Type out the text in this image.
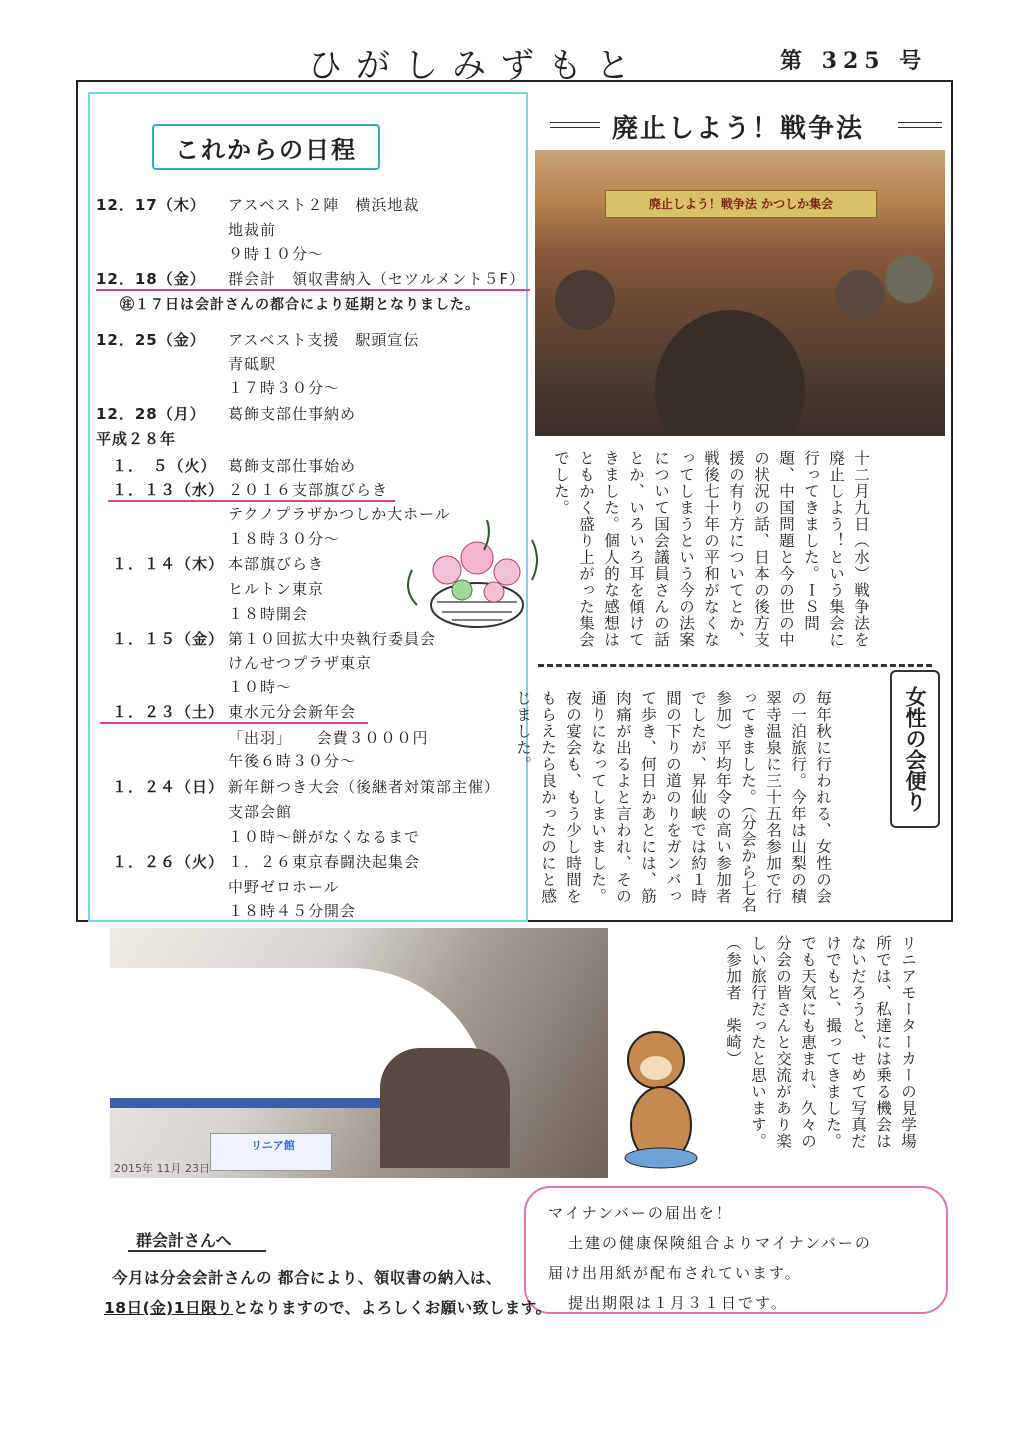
ひがしみずもと	第 325 号
これからの日程
12．17（木） アスベスト２陣　横浜地裁
地裁前
９時１０分～
12．18（金） 群会計　領収書納入（セツルメント５F）
㊟１７日は会計さんの都合により延期となりました。
12．25（金） アスベスト支援　駅頭宣伝
青砥駅
１７時３０分～
12．28（月） 葛飾支部仕事納め
平成２８年
　１．　５（火） 葛飾支部仕事始め
　１．１３（水） ２０１６支部旗びらき
テクノプラザかつしか大ホール
１８時３０分～
　１．１４（木） 本部旗びらき
ヒルトン東京
１８時開会
　１．１５（金） 第１０回拡大中央執行委員会
けんせつプラザ東京
１０時～
　１．２３（土） 東水元分会新年会
「出羽」　　会費３０００円
午後６時３０分～
　１．２４（日） 新年餅つき大会（後継者対策部主催）
支部会館
１０時～餅がなくなるまで
　１．２６（火） １．２６東京春闘決起集会
中野ゼロホール
１８時４５分開会
廃止しよう！戦争法
廃止しよう！戦争法 かつしか集会
十二月九日（水）戦争法を廃止しよう！という集会に行ってきました。ＩＳ問題、中国問題と今の世の中の状況の話、日本の後方支援の有り方についてとか、戦後七十年の平和がなくなってしまうという今の法案について国会議員さんの話とか、いろいろ耳を傾けてきました。個人的な感想はともかく盛り上がった集会でした。
女性の会便り
毎年秋に行われる、女性の会の一泊旅行。今年は山梨の積翠寺温泉に三十五名参加で行ってきました。（分会から七名参加）平均年令の高い参加者でしたが、昇仙峡では約１時間の下りの道のりをガンバって歩き、何日かあとには、筋肉痛が出るよと言われ、その通りになってしまいました。夜の宴会も、もう少し時間をもらえたら良かったのにと感じました。
リニア館
2015年 11月 23日
リニアモーターカーの見学場所では、私達には乗る機会はないだろうと、せめて写真だけでもと、撮ってきました。でも天気にも恵まれ、久々の分会の皆さんと交流があり楽しい旅行だったと思います。（参加者　柴崎）
マイナンバーの届出を！
土建の健康保険組合よりマイナンバーの
届け出用紙が配布されています。
提出期限は１月３１日です。
群会計さんへ
今月は分会会計さんの 都合により、領収書の納入は、
18日(金)1日限りとなりますので、よろしくお願い致します。
